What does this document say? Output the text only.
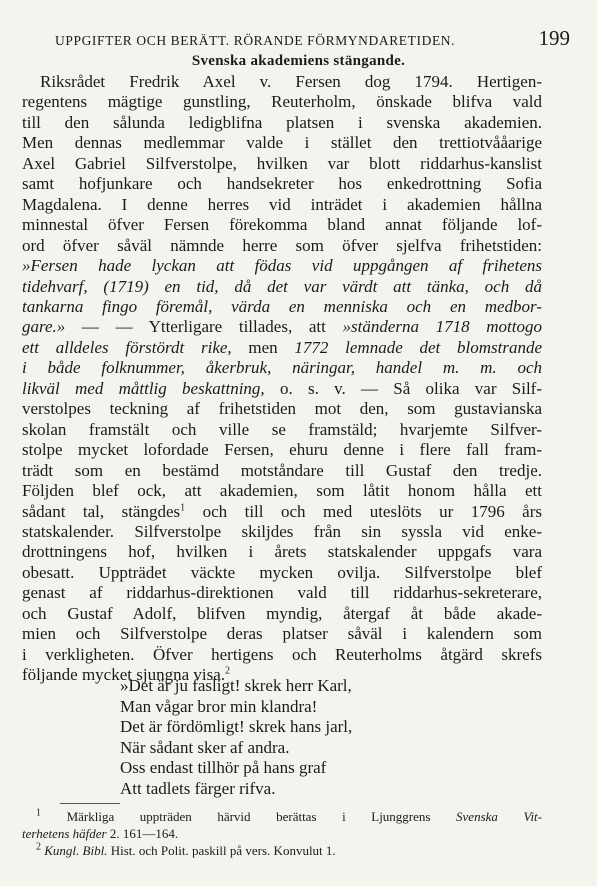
UPPGIFTER OCH BERÄTT. RÖRANDE FÖRMYNDARETIDEN.	199
Svenska akademiens stängande.
Riksrådet Fredrik Axel v. Fersen dog 1794. Hertigen-
regentens mägtige gunstling, Reuterholm, önskade blifva vald
till den sålunda ledigblifna platsen i svenska akademien.
Men dennas medlemmar valde i stället den trettiotvååarige
Axel Gabriel Silfverstolpe, hvilken var blott riddarhus-kanslist
samt hofjunkare och handsekreter hos enkedrottning Sofia
Magdalena. I denne herres vid inträdet i akademien hållna
minnestal öfver Fersen förekomma bland annat följande lof-
ord öfver såväl nämnde herre som öfver sjelfva frihetstiden:
»Fersen hade lyckan att födas vid uppgången af frihetens
tidehvarf, (1719) en tid, då det var värdt att tänka, och då
tankarna fingo föremål, värda en menniska och en medbor-
gare.» — — Ytterligare tillades, att »ständerna 1718 mottogo
ett alldeles förstördt rike, men 1772 lemnade det blomstrande
i både folknummer, åkerbruk, näringar, handel m. m. och
likväl med måttlig beskattning, o. s. v. — Så olika var Silf-
verstolpes teckning af frihetstiden mot den, som gustavianska
skolan framstält och ville se framstäld; hvarjemte Silfver-
stolpe mycket lofordade Fersen, ehuru denne i flere fall fram-
trädt som en bestämd motståndare till Gustaf den tredje.
Följden blef ock, att akademien, som låtit honom hålla ett
sådant tal, stängdes$^1$ och till och med uteslöts ur 1796 års
statskalender. Silfverstolpe skiljdes från sin syssla vid enke-
drottningens hof, hvilken i årets statskalender uppgafs vara
obesatt. Uppträdet väckte mycken ovilja. Silfverstolpe blef
genast af riddarhus-direktionen vald till riddarhus-sekreterare,
och Gustaf Adolf, blifven myndig, återgaf åt både akade-
mien och Silfverstolpe deras platser såväl i kalendern som
i verkligheten. Öfver hertigens och Reuterholms åtgärd skrefs
följande mycket sjungna visa.$^2$
»Det är ju fasligt! skrek herr Karl,
Man vågar bror min klandra!
Det är fördömligt! skrek hans jarl,
När sådant sker af andra.
Oss endast tillhör på hans graf
Att tadlets färger rifva.
$^1$ Märkliga uppträden härvid berättas i Ljunggrens Svenska Vit-
terhetens häfder 2. 161—164.
$^2$ Kungl. Bibl. Hist. och Polit. paskill på vers. Konvulut 1.
